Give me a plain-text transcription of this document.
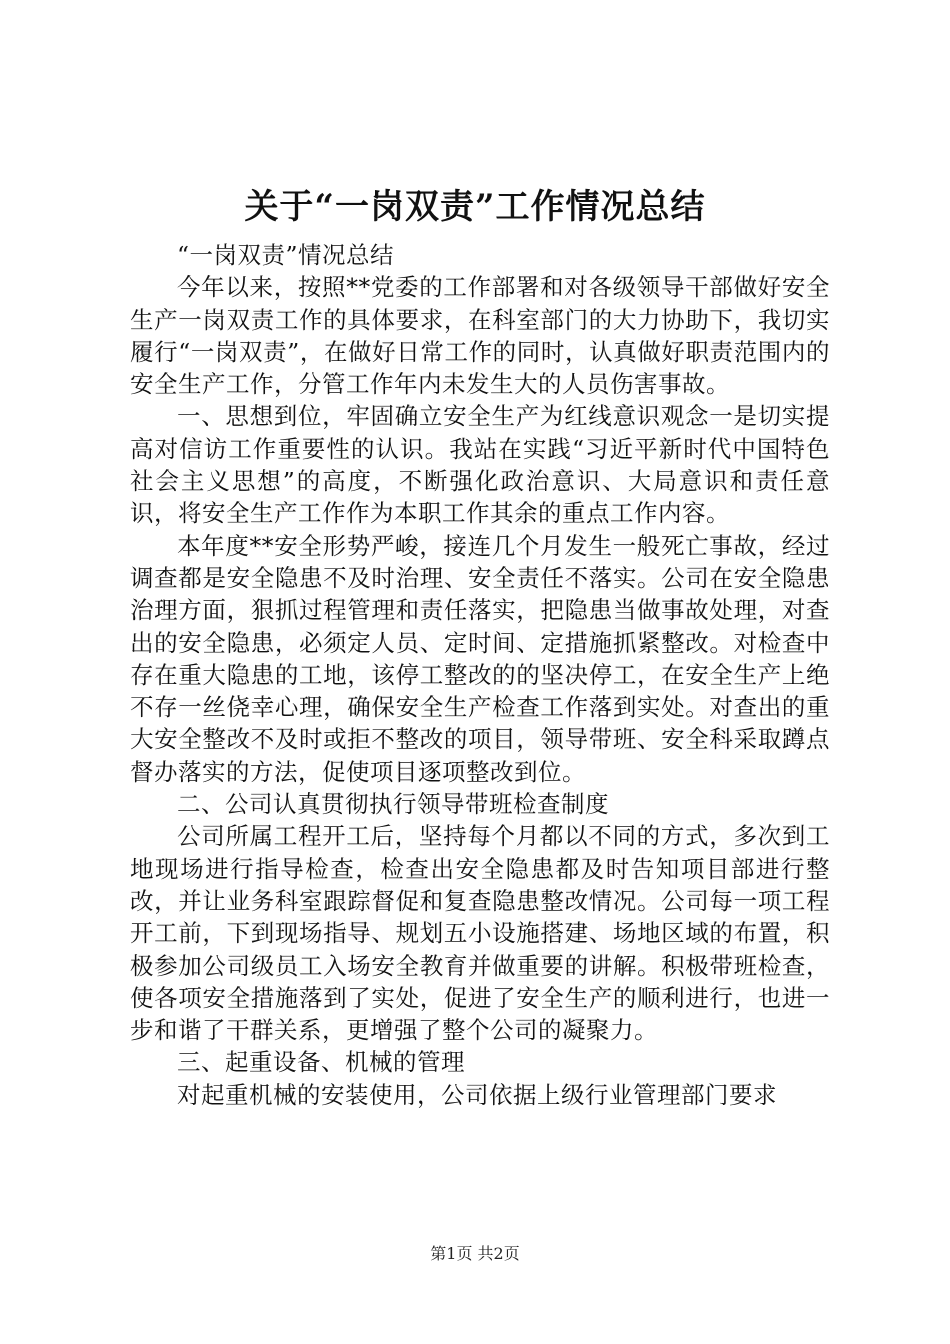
关于“一岗双责”工作情况总结

“一岗双责”情况总结

今年以来，按照**党委的工作部署和对各级领导干部做好安全生产一岗双责工作的具体要求，在科室部门的大力协助下，我切实履行“一岗双责”，在做好日常工作的同时，认真做好职责范围内的安全生产工作，分管工作年内未发生大的人员伤害事故。

一、思想到位，牢固确立安全生产为红线意识观念一是切实提高对信访工作重要性的认识。我站在实践“习近平新时代中国特色社会主义思想”的高度，不断强化政治意识、大局意识和责任意识，将安全生产工作作为本职工作其余的重点工作内容。

本年度**安全形势严峻，接连几个月发生一般死亡事故，经过调查都是安全隐患不及时治理、安全责任不落实。公司在安全隐患治理方面，狠抓过程管理和责任落实，把隐患当做事故处理，对查出的安全隐患，必须定人员、定时间、定措施抓紧整改。对检查中存在重大隐患的工地，该停工整改的的坚决停工，在安全生产上绝不存一丝侥幸心理，确保安全生产检查工作落到实处。对查出的重大安全整改不及时或拒不整改的项目，领导带班、安全科采取蹲点督办落实的方法，促使项目逐项整改到位。

二、公司认真贯彻执行领导带班检查制度

公司所属工程开工后，坚持每个月都以不同的方式，多次到工地现场进行指导检查，检查出安全隐患都及时告知项目部进行整改，并让业务科室跟踪督促和复查隐患整改情况。公司每一项工程开工前，下到现场指导、规划五小设施搭建、场地区域的布置，积极参加公司级员工入场安全教育并做重要的讲解。积极带班检查，使各项安全措施落到了实处，促进了安全生产的顺利进行，也进一步和谐了干群关系，更增强了整个公司的凝聚力。

三、起重设备、机械的管理

对起重机械的安装使用，公司依据上级行业管理部门要求

第1页 共2页
